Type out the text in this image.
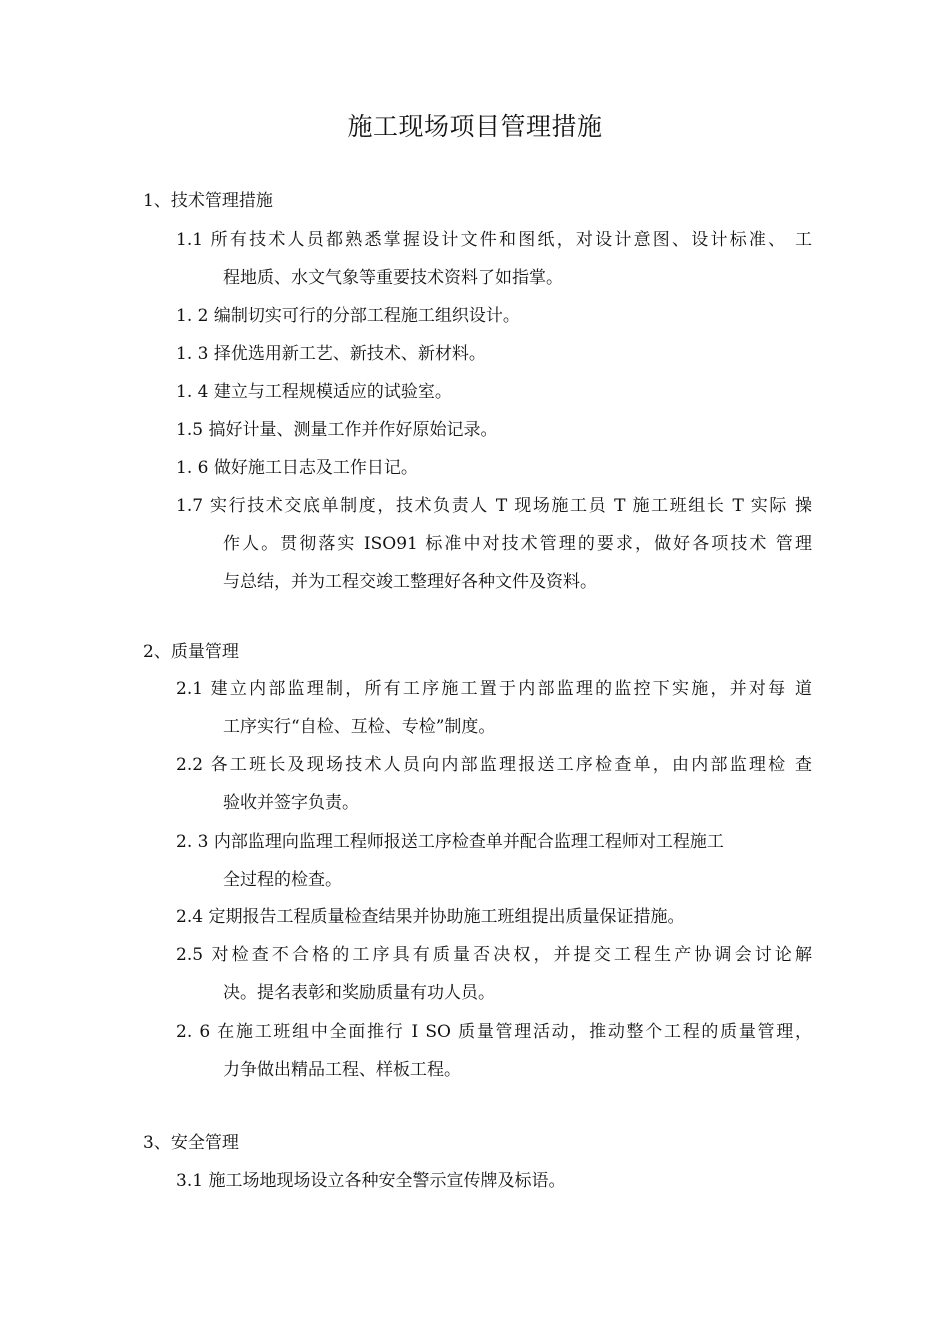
施工现场项目管理措施
1、技术管理措施
1.1 所有技术人员都熟悉掌握设计文件和图纸，对设计意图、设计标准、 工
程地质、水文气象等重要技术资料了如指掌。
1. 2 编制切实可行的分部工程施工组织设计。
1. 3 择优选用新工艺、新技术、新材料。
1. 4 建立与工程规模适应的试验室。
1.5 搞好计量、测量工作并作好原始记录。
1. 6 做好施工日志及工作日记。
1.7 实行技术交底单制度，技术负责人 T 现场施工员 T 施工班组长 T 实际 操
作人。贯彻落实 ISO91 标准中对技术管理的要求，做好各项技术 管理
与总结，并为工程交竣工整理好各种文件及资料。
2、质量管理
2.1 建立内部监理制，所有工序施工置于内部监理的监控下实施，并对每 道
工序实行“自检、互检、专检”制度。
2.2 各工班长及现场技术人员向内部监理报送工序检查单，由内部监理检 查
验收并签字负责。
2. 3 内部监理向监理工程师报送工序检查单并配合监理工程师对工程施工
全过程的检查。
2.4 定期报告工程质量检查结果并协助施工班组提出质量保证措施。
2.5 对检查不合格的工序具有质量否决权，并提交工程生产协调会讨论解
决。提名表彰和奖励质量有功人员。
2. 6 在施工班组中全面推行 I SO 质量管理活动，推动整个工程的质量管理，
力争做出精品工程、样板工程。
3、安全管理
3.1 施工场地现场设立各种安全警示宣传牌及标语。
